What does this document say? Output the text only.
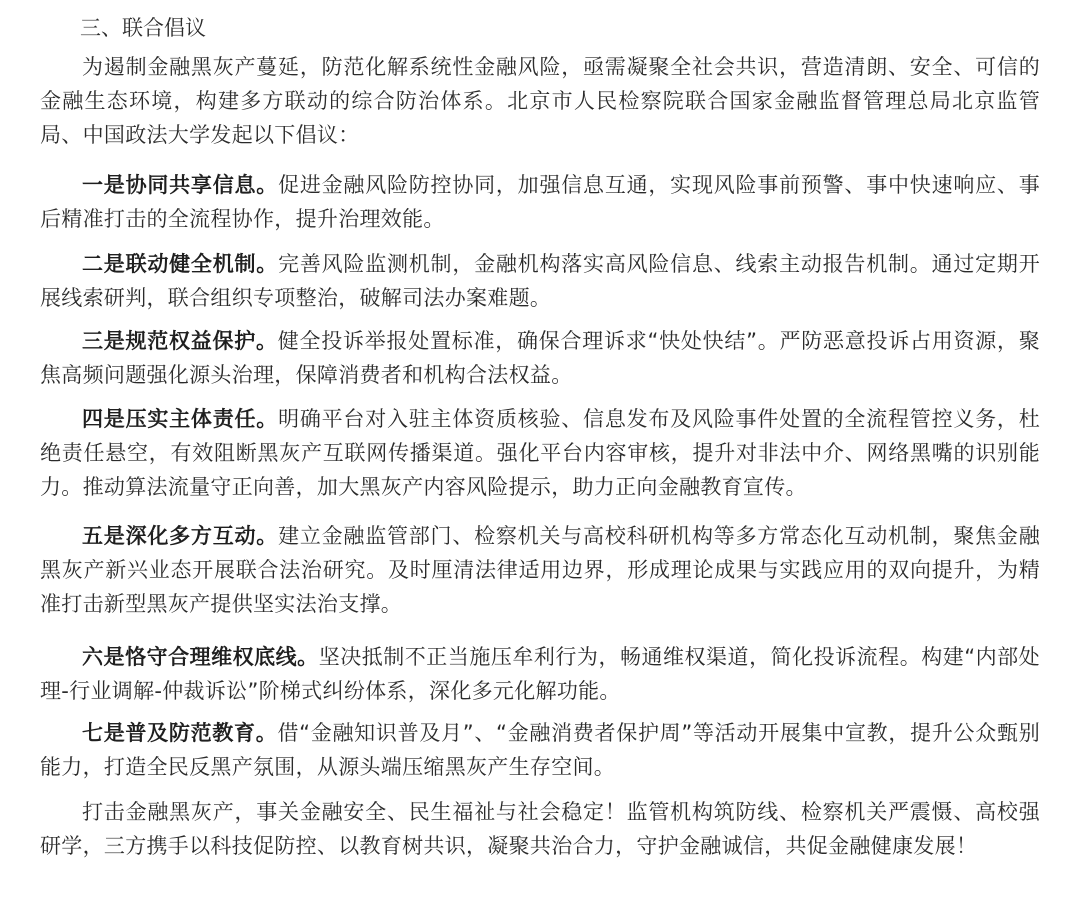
三、联合倡议

为遏制金融黑灰产蔓延，防范化解系统性金融风险，亟需凝聚全社会共识，营造清朗、安全、可信的金融生态环境，构建多方联动的综合防治体系。北京市人民检察院联合国家金融监督管理总局北京监管局、中国政法大学发起以下倡议：

一是协同共享信息。促进金融风险防控协同，加强信息互通，实现风险事前预警、事中快速响应、事后精准打击的全流程协作，提升治理效能。

二是联动健全机制。完善风险监测机制，金融机构落实高风险信息、线索主动报告机制。通过定期开展线索研判，联合组织专项整治，破解司法办案难题。

三是规范权益保护。健全投诉举报处置标准，确保合理诉求“快处快结”。严防恶意投诉占用资源，聚焦高频问题强化源头治理，保障消费者和机构合法权益。

四是压实主体责任。明确平台对入驻主体资质核验、信息发布及风险事件处置的全流程管控义务，杜绝责任悬空，有效阻断黑灰产互联网传播渠道。强化平台内容审核，提升对非法中介、网络黑嘴的识别能力。推动算法流量守正向善，加大黑灰产内容风险提示，助力正向金融教育宣传。

五是深化多方互动。建立金融监管部门、检察机关与高校科研机构等多方常态化互动机制，聚焦金融黑灰产新兴业态开展联合法治研究。及时厘清法律适用边界，形成理论成果与实践应用的双向提升，为精准打击新型黑灰产提供坚实法治支撑。

六是恪守合理维权底线。坚决抵制不正当施压牟利行为，畅通维权渠道，简化投诉流程。构建“内部处理-行业调解-仲裁诉讼”阶梯式纠纷体系，深化多元化解功能。

七是普及防范教育。借“金融知识普及月”、“金融消费者保护周”等活动开展集中宣教，提升公众甄别能力，打造全民反黑产氛围，从源头端压缩黑灰产生存空间。

打击金融黑灰产，事关金融安全、民生福祉与社会稳定！监管机构筑防线、检察机关严震慑、高校强研学，三方携手以科技促防控、以教育树共识，凝聚共治合力，守护金融诚信，共促金融健康发展！
